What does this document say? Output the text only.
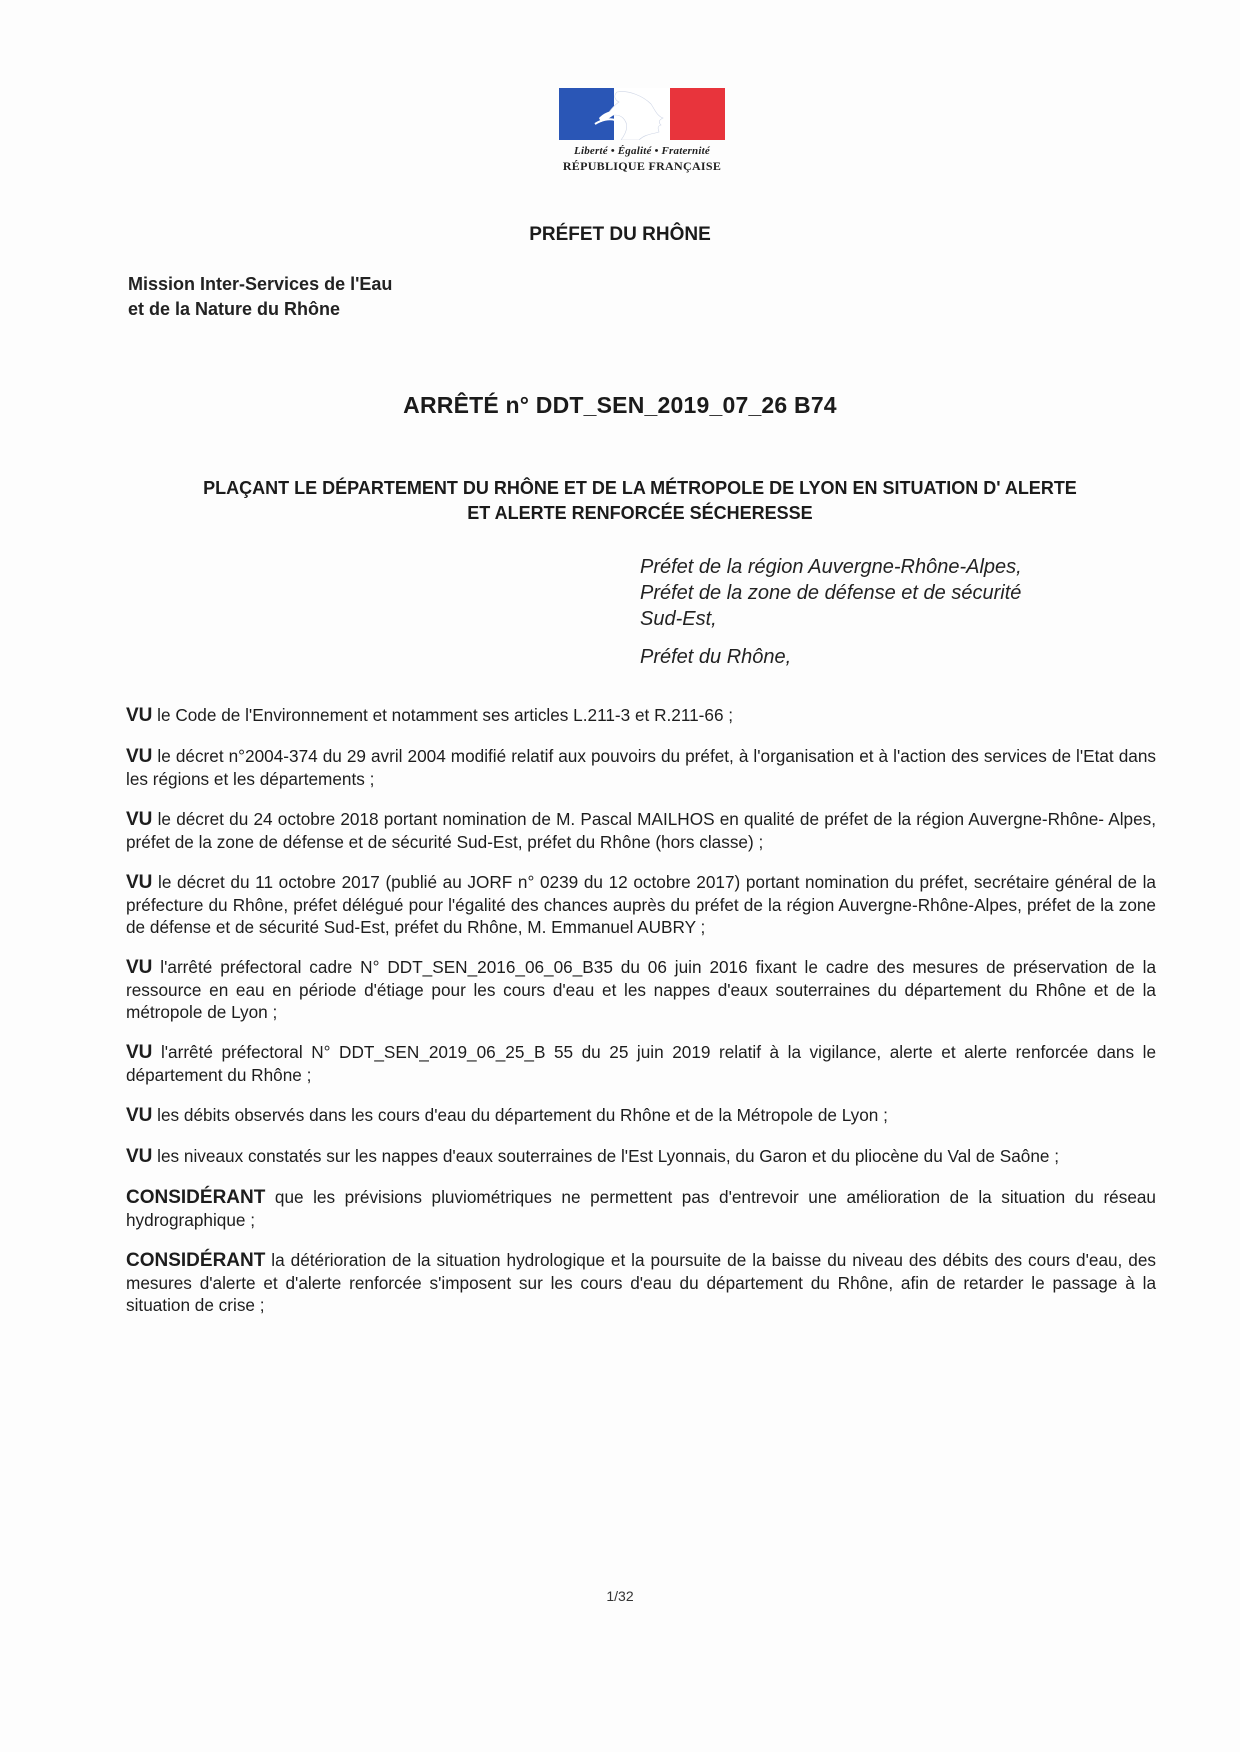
Liberté • Égalité • Fraternité
RÉPUBLIQUE FRANÇAISE
PRÉFET DU RHÔNE
Mission Inter-Services de l'Eau
et de la Nature du Rhône
ARRÊTÉ n° DDT_SEN_2019_07_26 B74
PLAÇANT LE DÉPARTEMENT DU RHÔNE ET DE LA MÉTROPOLE DE LYON EN SITUATION D' ALERTE
ET ALERTE RENFORCÉE SÉCHERESSE
Préfet de la région Auvergne-Rhône-Alpes,
Préfet de la zone de défense et de sécurité
Sud-Est,
Préfet du Rhône,

VU le Code de l'Environnement et notamment ses articles L.211-3 et R.211-66 ;

VU le décret n°2004-374 du 29 avril 2004 modifié relatif aux pouvoirs du préfet, à l'organisation et à l'action des services de l'Etat dans les régions et les départements ;

VU le décret du 24 octobre 2018 portant nomination de M. Pascal MAILHOS en qualité de préfet de la région Auvergne-Rhône- Alpes, préfet de la zone de défense et de sécurité Sud-Est, préfet du Rhône (hors classe) ;

VU le décret du 11 octobre 2017 (publié au JORF n° 0239 du 12 octobre 2017) portant nomination du préfet, secrétaire général de la préfecture du Rhône, préfet délégué pour l'égalité des chances auprès du préfet de la région Auvergne-Rhône-Alpes, préfet de la zone de défense et de sécurité Sud-Est, préfet du Rhône, M. Emmanuel AUBRY ;

VU l'arrêté préfectoral cadre N° DDT_SEN_2016_06_06_B35 du 06 juin 2016 fixant le cadre des mesures de préservation de la ressource en eau en période d'étiage pour les cours d'eau et les nappes d'eaux souterraines du département du Rhône et de la métropole de Lyon ;

VU l'arrêté préfectoral N° DDT_SEN_2019_06_25_B 55 du 25 juin 2019 relatif à la vigilance, alerte et alerte renforcée dans le département du Rhône ;

VU les débits observés dans les cours d'eau du département du Rhône et de la Métropole de Lyon ;

VU les niveaux constatés sur les nappes d'eaux souterraines de l'Est Lyonnais, du Garon et du pliocène du Val de Saône ;

CONSIDÉRANT que les prévisions pluviométriques ne permettent pas d'entrevoir une amélioration de la situation du réseau hydrographique ;

CONSIDÉRANT la détérioration de la situation hydrologique et la poursuite de la baisse du niveau des débits des cours d'eau, des mesures d'alerte et d'alerte renforcée s'imposent sur les cours d'eau du département du Rhône, afin de retarder le passage à la situation de crise ;

1/32
